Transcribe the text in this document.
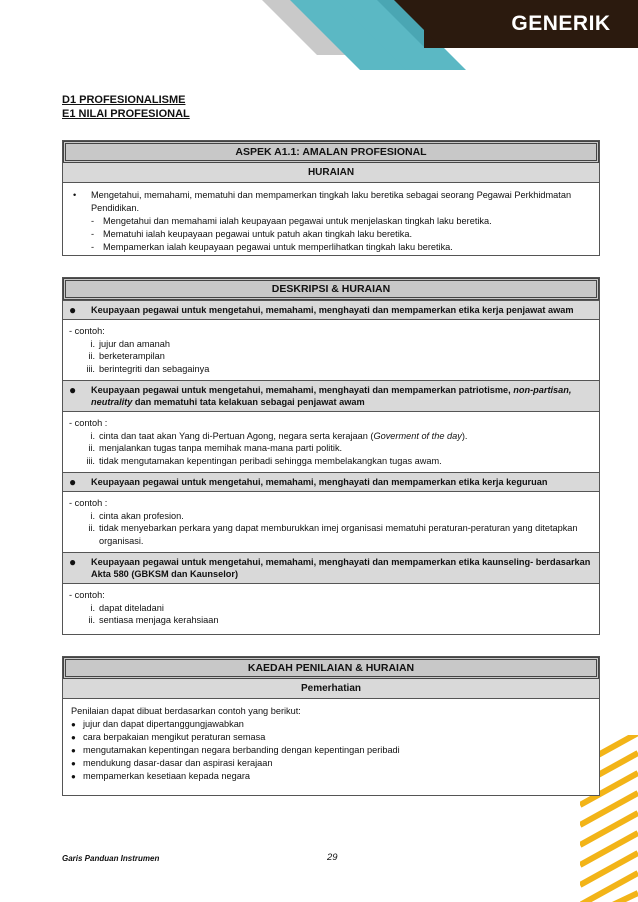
GENERIK
D1 PROFESIONALISME
E1 NILAI PROFESIONAL
ASPEK A1.1: AMALAN PROFESIONAL
HURAIAN
•	Mengetahui, memahami, mematuhi dan mempamerkan tingkah laku beretika sebagai seorang Pegawai Perkhidmatan Pendidikan.
- Mengetahui dan memahami ialah keupayaan pegawai untuk menjelaskan tingkah laku beretika.
- Mematuhi ialah keupayaan pegawai untuk patuh akan tingkah laku beretika.
- Mempamerkan ialah keupayaan pegawai untuk memperlihatkan tingkah laku beretika.
DESKRIPSI & HURAIAN
●	Keupayaan pegawai untuk mengetahui, memahami, menghayati dan mempamerkan etika kerja penjawat awam
- contoh:
i. jujur dan amanah
ii. berketerampilan
iii. berintegriti dan sebagainya
●	Keupayaan pegawai untuk mengetahui, memahami, menghayati dan mempamerkan patriotisme, non-partisan, neutrality dan mematuhi tata kelakuan sebagai penjawat awam
- contoh :
i. cinta dan taat akan Yang di-Pertuan Agong, negara serta kerajaan (Goverment of the day).
ii. menjalankan tugas tanpa memihak mana-mana parti politik.
iii. tidak mengutamakan kepentingan peribadi sehingga membelakangkan tugas awam.
●	Keupayaan pegawai untuk mengetahui, memahami, menghayati dan mempamerkan etika kerja keguruan
- contoh :
i. cinta akan profesion.
ii. tidak menyebarkan perkara yang dapat memburukkan imej organisasi mematuhi peraturan-peraturan yang ditetapkan organisasi.
●	Keupayaan pegawai untuk mengetahui, memahami, menghayati dan mempamerkan etika kaunseling- berdasarkan Akta 580 (GBKSM dan Kaunselor)
- contoh:
i. dapat diteladani
ii. sentiasa menjaga kerahsiaan
KAEDAH PENILAIAN & HURAIAN
Pemerhatian
Penilaian dapat dibuat berdasarkan contoh yang berikut:
● jujur dan dapat dipertanggungjawabkan
● cara berpakaian mengikut peraturan semasa
● mengutamakan kepentingan negara berbanding dengan kepentingan peribadi
● mendukung dasar-dasar dan aspirasi kerajaan
● mempamerkan kesetiaan kepada negara
Garis Panduan Instrumen	29
